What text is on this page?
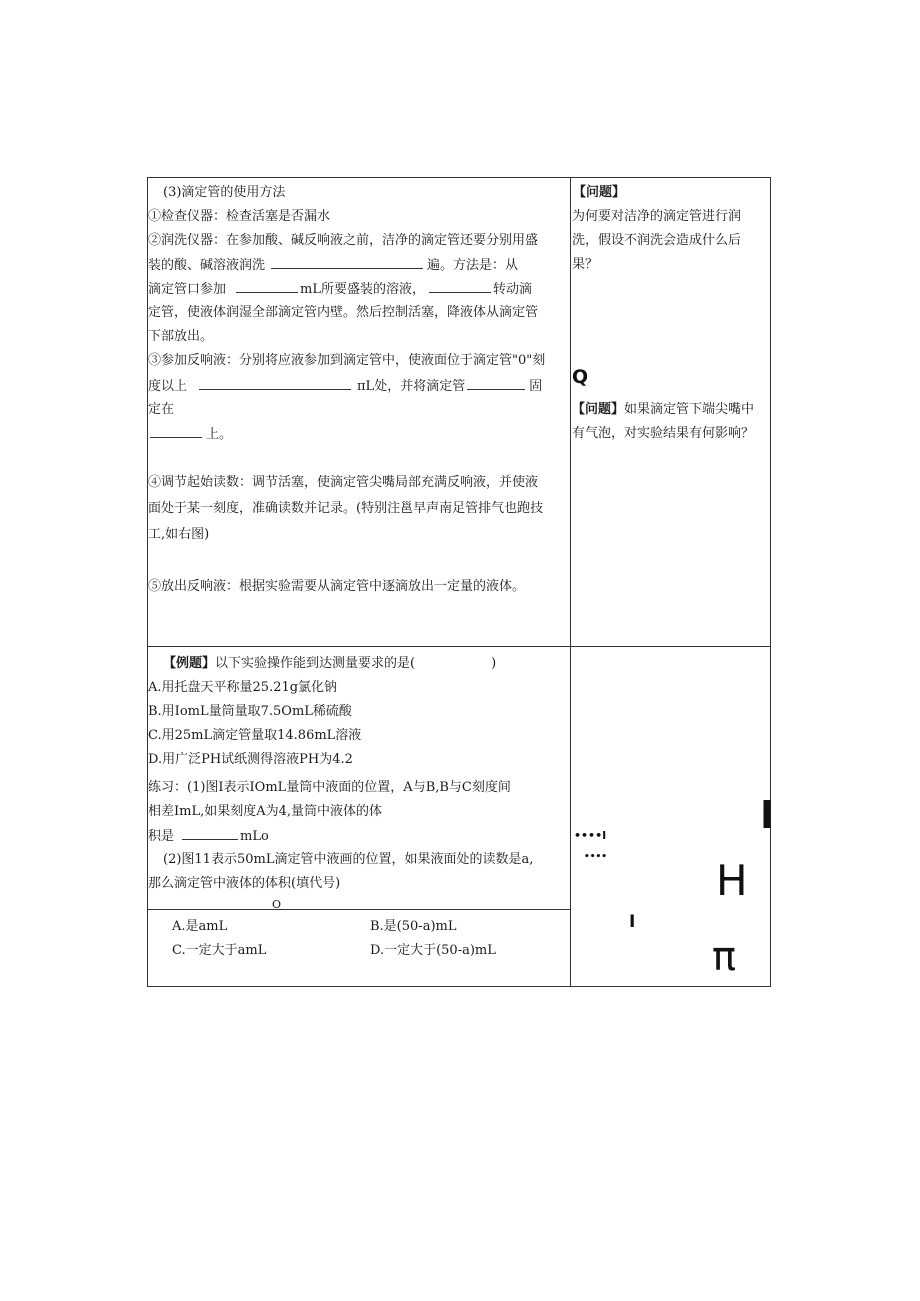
(3)滴定管的使用方法
①检查仪器：检查活塞是否漏水
②润洗仪器：在参加酸、碱反响液之前，洁净的滴定管还要分别用盛
装的酸、碱溶液润洗	遍。方法是：从
滴定管口参加	mL所要盛装的溶液，	转动滴
定管，使液体润湿全部滴定管内壁。然后控制活塞，降液体从滴定管
下部放出。
③参加反响液：分别将应液参加到滴定管中，使液面位于滴定管"0"刻
度以上	πL处，并将滴定管	固
定在
上。
④调节起始读数：调节活塞，使滴定管尖嘴局部充满反响液，并使液
面处于某一刻度，准确读数并记录。(特别注邕早声南足管排气也跑技
工,如右图)
⑤放出反响液：根据实验需要从滴定管中逐滴放出一定量的液体。
【问题】
为何要对洁净的滴定管进行润
洗，假设不润洗会造成什么后
果？
Q
【问题】如果滴定管下端尖嘴中
有气泡，对实验结果有何影响？
【例题】以下实验操作能到达测量要求的是(	)
A.用托盘天平称量25.21g氯化钠
B.用IomL量筒量取7.5OmL稀硫酸
C.用25mL滴定管量取14.86mL溶液
D.用广泛PH试纸测得溶液PH为4.2
练习：(1)图I表示IOmL量筒中液面的位置，A与B,B与C刻度间
相差ImL,如果刻度A为4,量筒中液体的体
积是	mLo
(2)图11表示50mL滴定管中液画的位置，如果液面处的读数是a,
那么滴定管中液体的体积(填代号)
O
A.是amL	B.是(50-a)mL
C.一定大于amL	D.一定大于(50-a)mL
••••I
••••
I
H
I
π
